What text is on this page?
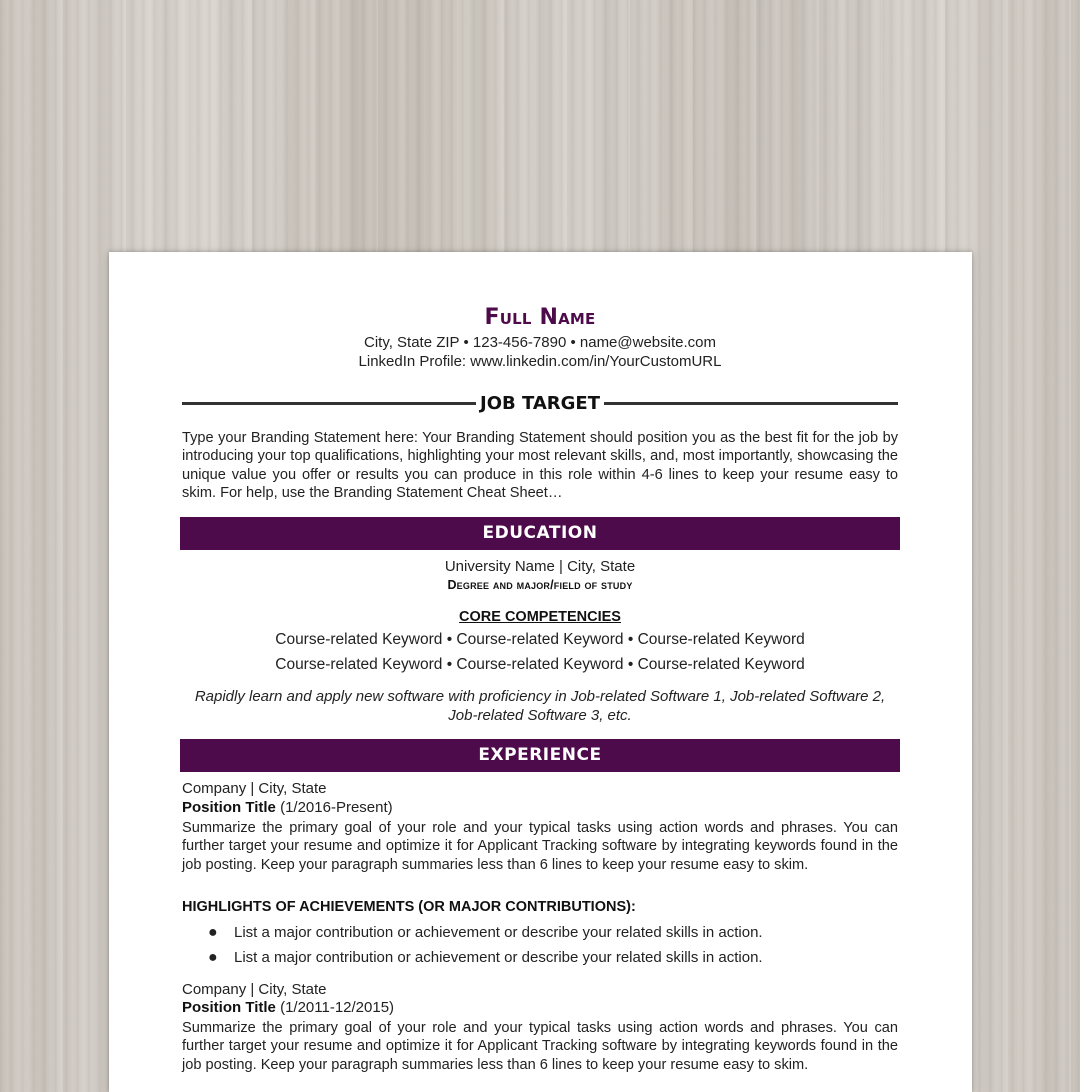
Full Name
City, State ZIP • 123-456-7890 • name@website.com
LinkedIn Profile: www.linkedin.com/in/YourCustomURL
JOB TARGET
Type your Branding Statement here: Your Branding Statement should position you as the best fit for the job by introducing your top qualifications, highlighting your most relevant skills, and, most importantly, showcasing the unique value you offer or results you can produce in this role within 4-6 lines to keep your resume easy to skim. For help, use the Branding Statement Cheat Sheet…
EDUCATION
University Name | City, State
Degree and major/field of study
CORE COMPETENCIES
Course-related Keyword • Course-related Keyword • Course-related Keyword
Course-related Keyword • Course-related Keyword • Course-related Keyword
Rapidly learn and apply new software with proficiency in Job-related Software 1, Job-related Software 2, Job-related Software 3, etc.
EXPERIENCE
Company | City, State
Position Title (1/2016-Present)
Summarize the primary goal of your role and your typical tasks using action words and phrases. You can further target your resume and optimize it for Applicant Tracking software by integrating keywords found in the job posting. Keep your paragraph summaries less than 6 lines to keep your resume easy to skim.
HIGHLIGHTS OF ACHIEVEMENTS (OR MAJOR CONTRIBUTIONS):
● List a major contribution or achievement or describe your related skills in action.
● List a major contribution or achievement or describe your related skills in action.
Company | City, State
Position Title (1/2011-12/2015)
Summarize the primary goal of your role and your typical tasks using action words and phrases. You can further target your resume and optimize it for Applicant Tracking software by integrating keywords found in the job posting. Keep your paragraph summaries less than 6 lines to keep your resume easy to skim.
